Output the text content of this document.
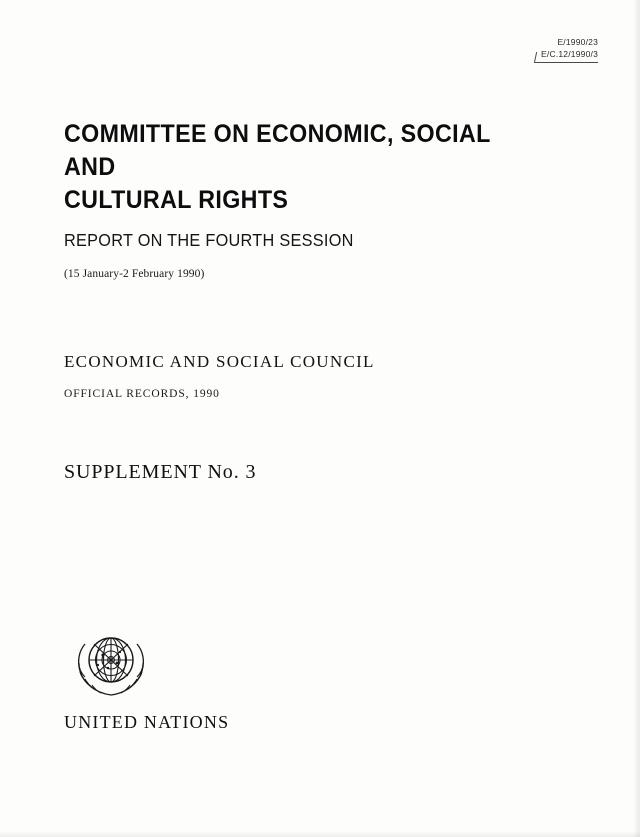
E/1990/23
E/C.12/1990/3
COMMITTEE ON ECONOMIC, SOCIAL AND
CULTURAL RIGHTS
REPORT ON THE FOURTH SESSION
(15 January-2 February 1990)
ECONOMIC AND SOCIAL COUNCIL
OFFICIAL RECORDS, 1990
SUPPLEMENT No. 3
UNITED NATIONS
